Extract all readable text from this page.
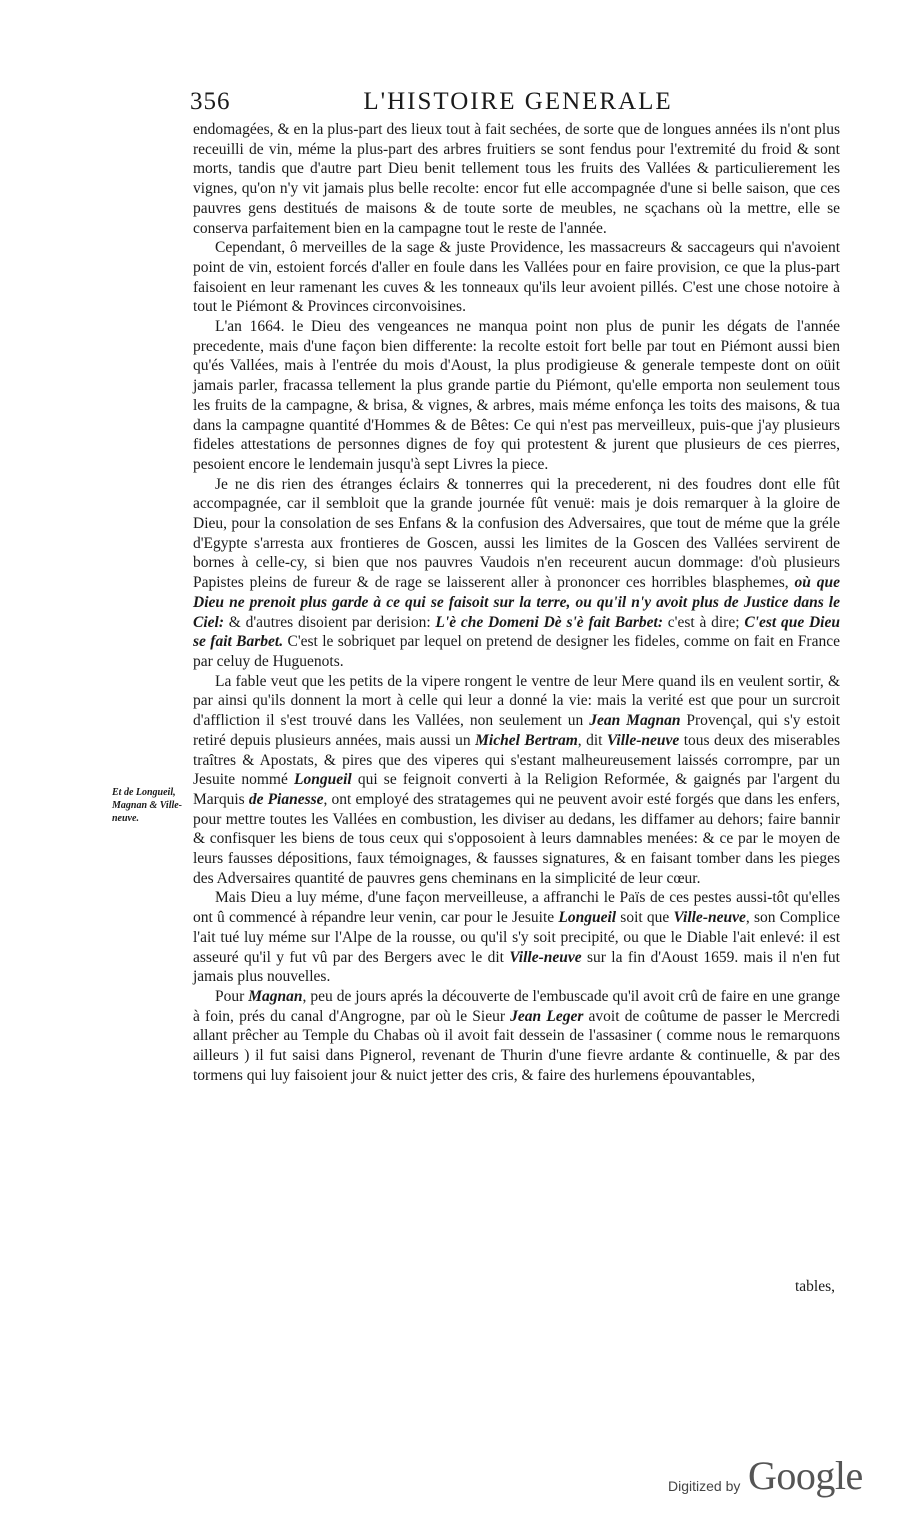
356	L'HISTOIRE GENERALE
Et de Longueil, Magnan & Ville-neuve.

endomagées, & en la plus-part des lieux tout à fait sechées, de sorte que de longues années ils n'ont plus receuilli de vin, méme la plus-part des arbres fruitiers se sont fendus pour l'extremité du froid & sont morts, tandis que d'autre part Dieu benit tellement tous les fruits des Vallées & particulierement les vignes, qu'on n'y vit jamais plus belle recolte: encor fut elle accompagnée d'une si belle saison, que ces pauvres gens destitués de maisons & de toute sorte de meubles, ne sçachans où la mettre, elle se conserva parfaitement bien en la campagne tout le reste de l'année.

Cependant, ô merveilles de la sage & juste Providence, les massacreurs & saccageurs qui n'avoient point de vin, estoient forcés d'aller en foule dans les Vallées pour en faire provision, ce que la plus-part faisoient en leur ramenant les cuves & les tonneaux qu'ils leur avoient pillés. C'est une chose notoire à tout le Piémont & Provinces circonvoisines.

L'an 1664. le Dieu des vengeances ne manqua point non plus de punir les dégats de l'année precedente, mais d'une façon bien differente: la recolte estoit fort belle par tout en Piémont aussi bien qu'és Vallées, mais à l'entrée du mois d'Aoust, la plus prodigieuse & generale tempeste dont on oüit jamais parler, fracassa tellement la plus grande partie du Piémont, qu'elle emporta non seulement tous les fruits de la campagne, & brisa, & vignes, & arbres, mais méme enfonça les toits des maisons, & tua dans la campagne quantité d'Hommes & de Bêtes: Ce qui n'est pas merveilleux, puis-que j'ay plusieurs fideles attestations de personnes dignes de foy qui protestent & jurent que plusieurs de ces pierres, pesoient encore le lendemain jusqu'à sept Livres la piece.

Je ne dis rien des étranges éclairs & tonnerres qui la precederent, ni des foudres dont elle fût accompagnée, car il sembloit que la grande journée fût venuë: mais je dois remarquer à la gloire de Dieu, pour la consolation de ses Enfans & la confusion des Adversaires, que tout de méme que la gréle d'Egypte s'arresta aux frontieres de Goscen, aussi les limites de la Goscen des Vallées servirent de bornes à celle-cy, si bien que nos pauvres Vaudois n'en receurent aucun dommage: d'où plusieurs Papistes pleins de fureur & de rage se laisserent aller à prononcer ces horribles blasphemes, où que Dieu ne prenoit plus garde à ce qui se faisoit sur la terre, ou qu'il n'y avoit plus de Justice dans le Ciel: & d'autres disoient par derision: L'è che Domeni Dè s'è fait Barbet: c'est à dire; C'est que Dieu se fait Barbet. C'est le sobriquet par lequel on pretend de designer les fideles, comme on fait en France par celuy de Huguenots.

La fable veut que les petits de la vipere rongent le ventre de leur Mere quand ils en veulent sortir, & par ainsi qu'ils donnent la mort à celle qui leur a donné la vie: mais la verité est que pour un surcroit d'affliction il s'est trouvé dans les Vallées, non seulement un Jean Magnan Provençal, qui s'y estoit retiré depuis plusieurs années, mais aussi un Michel Bertram, dit Ville-neuve tous deux des miserables traîtres & Apostats, & pires que des viperes qui s'estant malheureusement laissés corrompre, par un Jesuite nommé Longueil qui se feignoit converti à la Religion Reformée, & gaignés par l'argent du Marquis de Pianesse, ont employé des stratagemes qui ne peuvent avoir esté forgés que dans les enfers, pour mettre toutes les Vallées en combustion, les diviser au dedans, les diffamer au dehors; faire bannir & confisquer les biens de tous ceux qui s'opposoient à leurs damnables menées: & ce par le moyen de leurs fausses dépositions, faux témoignages, & fausses signatures, & en faisant tomber dans les pieges des Adversaires quantité de pauvres gens cheminans en la simplicité de leur cœur.

Mais Dieu a luy méme, d'une façon merveilleuse, a affranchi le Païs de ces pestes aussi-tôt qu'elles ont û commencé à répandre leur venin, car pour le Jesuite Longueil soit que Ville-neuve, son Complice l'ait tué luy méme sur l'Alpe de la rousse, ou qu'il s'y soit precipité, ou que le Diable l'ait enlevé: il est asseuré qu'il y fut vû par des Bergers avec le dit Ville-neuve sur la fin d'Aoust 1659. mais il n'en fut jamais plus nouvelles.

Pour Magnan, peu de jours aprés la découverte de l'embuscade qu'il avoit crû de faire en une grange à foin, prés du canal d'Angrogne, par où le Sieur Jean Leger avoit de coûtume de passer le Mercredi allant prêcher au Temple du Chabas où il avoit fait dessein de l'assasiner ( comme nous le remarquons ailleurs ) il fut saisi dans Pignerol, revenant de Thurin d'une fievre ardante & continuelle, & par des tormens qui luy faisoient jour & nuict jetter des cris, & faire des hurlemens épouvantables,

tables,
Digitized by Google
